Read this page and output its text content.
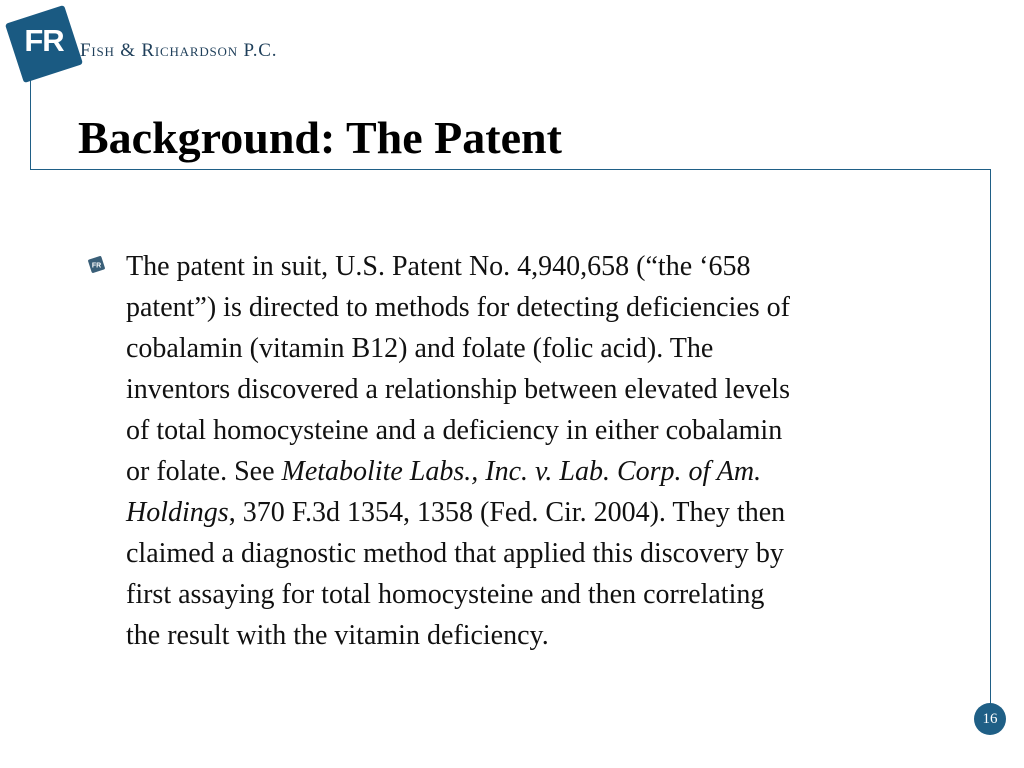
FR Fish & Richardson P.C.
Background: The Patent
FR The patent in suit, U.S. Patent No. 4,940,658 (“the ‘658
patent”) is directed to methods for detecting deficiencies of
cobalamin (vitamin B12) and folate (folic acid). The
inventors discovered a relationship between elevated levels
of total homocysteine and a deficiency in either cobalamin
or folate. See Metabolite Labs., Inc. v. Lab. Corp. of Am.
Holdings, 370 F.3d 1354, 1358 (Fed. Cir. 2004). They then
claimed a diagnostic method that applied this discovery by
first assaying for total homocysteine and then correlating
the result with the vitamin deficiency.
16
